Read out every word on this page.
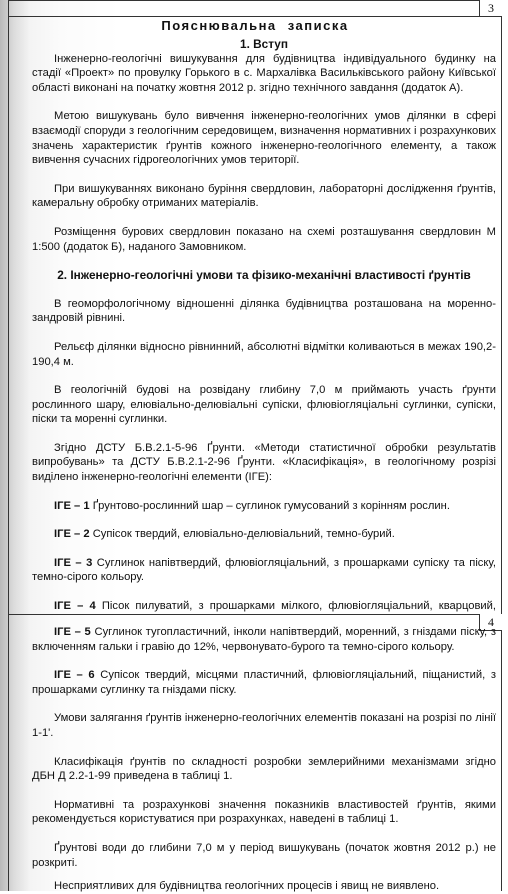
3
Пояснювальна записка

1. Вступ

Інженерно-геологічні вишукування для будівництва індивідуального будинку на стадії «Проект» по провулку Горького в с. Мархалівка Васильківського району Київської області виконані на початку жовтня 2012 р. згідно технічного завдання (додаток А).

Метою вишукувань було вивчення інженерно-геологічних умов ділянки в сфері взаємодії споруди з геологічним середовищем, визначення нормативних і розрахункових значень характеристик ґрунтів кожного інженерно-геологічного елементу, а також вивчення сучасних гідрогеологічних умов території.

При вишукуваннях виконано буріння свердловин, лабораторні дослідження ґрунтів, камеральну обробку отриманих матеріалів.

Розміщення бурових свердловин показано на схемі розташування свердловин М 1:500 (додаток Б), наданого Замовником.

2. Інженерно-геологічні умови та фізико-механічні властивості ґрунтів

В геоморфологічному відношенні ділянка будівництва розташована на моренно-зандровій рівнині.

Рельєф ділянки відносно рівнинний, абсолютні відмітки коливаються в межах 190,2-190,4 м.

В геологічній будові на розвідану глибину 7,0 м приймають участь ґрунти рослинного шару, елювіально-делювіальні супіски, флювіогляціальні суглинки, супіски, піски та моренні суглинки.

Згідно ДСТУ Б.В.2.1-5-96 Ґрунти. «Методи статистичної обробки результатів випробувань» та ДСТУ Б.В.2.1-2-96 Ґрунти. «Класифікація», в геологічному розрізі виділено інженерно-геологічні елементи (ІГЕ):

ІГЕ – 1 Ґрунтово-рослинний шар – суглинок гумусований з корінням рослин.

ІГЕ – 2 Супісок твердий, елювіально-делювіальний, темно-бурий.

ІГЕ – 3 Суглинок напівтвердий, флювіогляціальний, з прошарками супіску та піску, темно-сірого кольору.

ІГЕ – 4 Пісок пилуватий, з прошарками мілкого, флювіогляціальний, кварцовий,

4

ІГЕ – 5 Суглинок тугопластичний, інколи напівтвердий, моренний, з гніздами піску, з включенням гальки і гравію до 12%, червонувато-бурого та темно-сірого кольору.

ІГЕ – 6 Супісок твердий, місцями пластичний, флювіогляціальний, піщанистий, з прошарками суглинку та гніздами піску.

Умови залягання ґрунтів інженерно-геологічних елементів показані на розрізі по лінії 1-1'.

Класифікація ґрунтів по складності розробки землерийними механізмами згідно ДБН Д 2.2-1-99 приведена в таблиці 1.

Нормативні та розрахункові значення показників властивостей ґрунтів, якими рекомендується користуватися при розрахунках, наведені в таблиці 1.

Ґрунтові води до глибини 7,0 м у період вишукувань (початок жовтня 2012 р.) не розкриті.

Несприятливих для будівництва геологічних процесів і явищ не виявлено.
